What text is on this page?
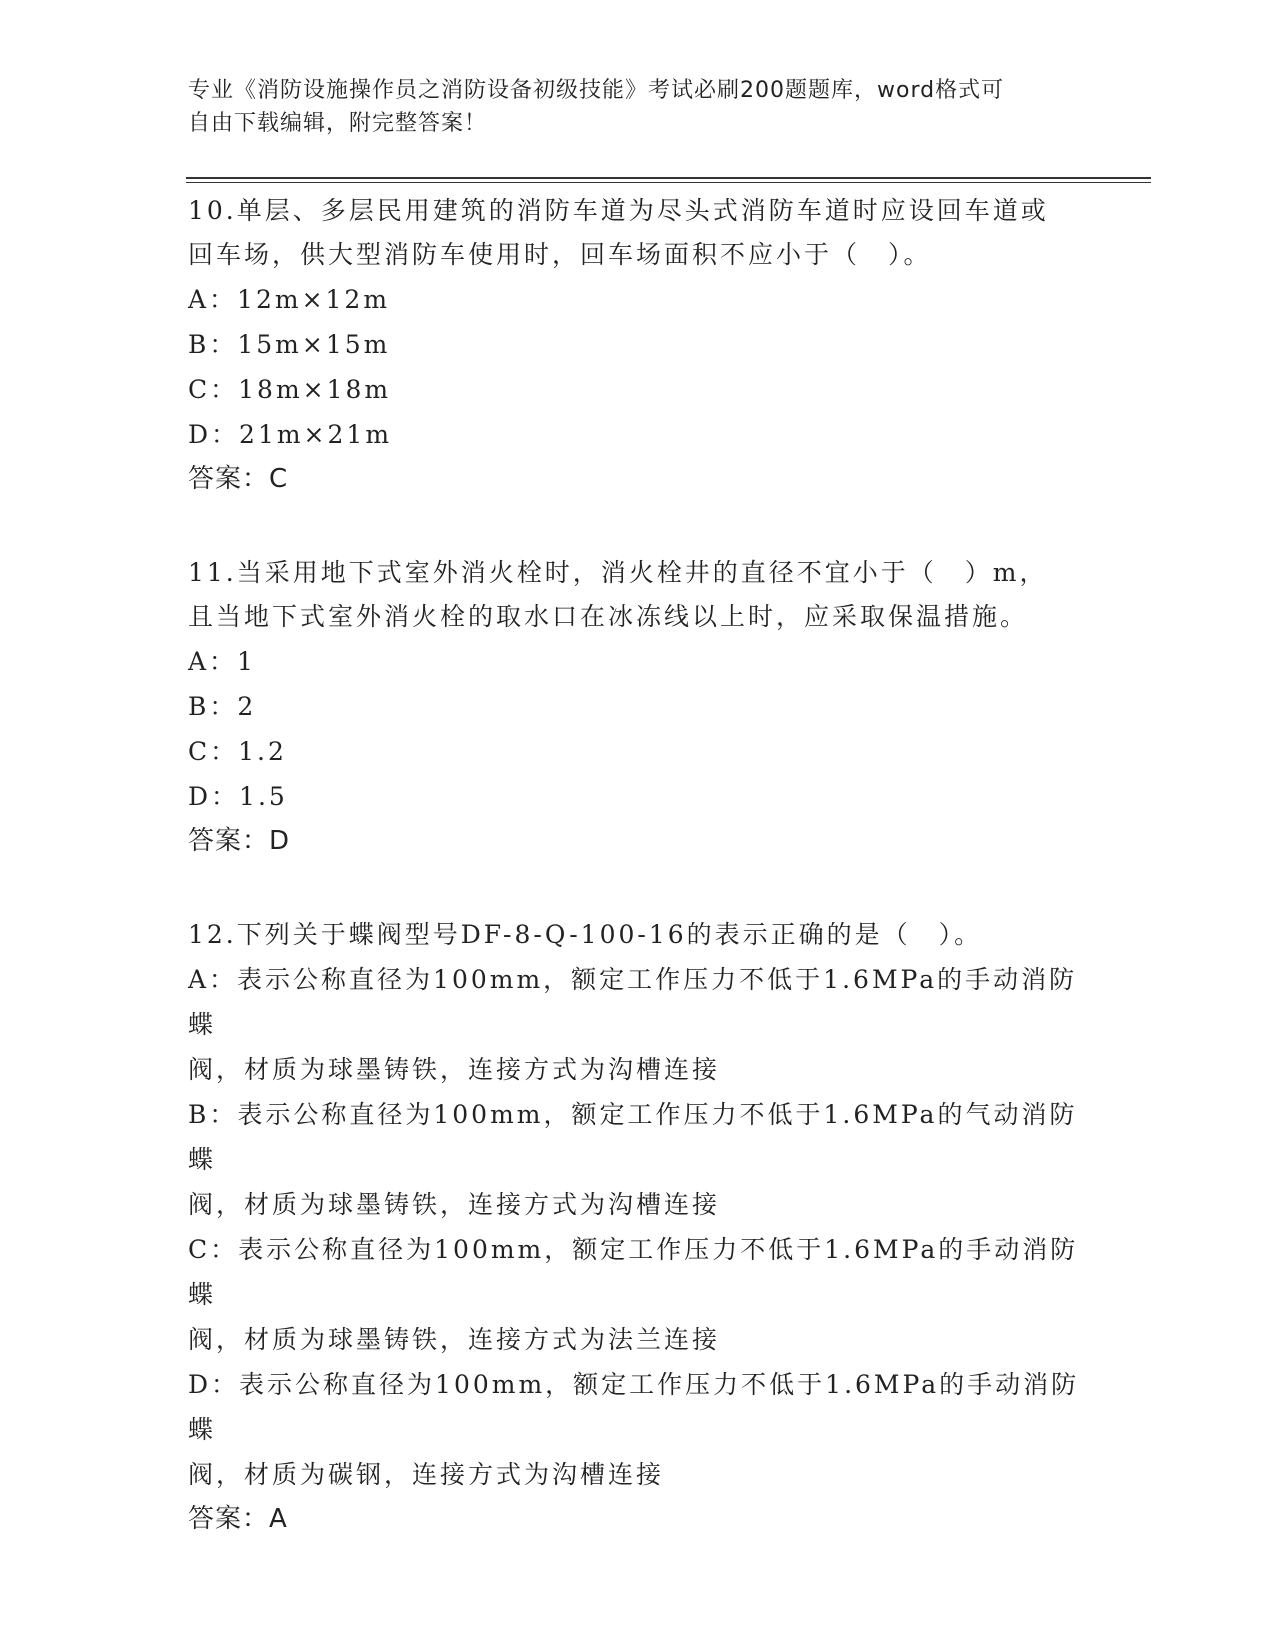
专业《消防设施操作员之消防设备初级技能》考试必刷200题题库，word格式可
自由下载编辑，附完整答案！

10.单层、多层民用建筑的消防车道为尽头式消防车道时应设回车道或

回车场，供大型消防车使用时，回车场面积不应小于（　）。

A：12m×12m

B：15m×15m

C：18m×18m

D：21m×21m

答案：C

11.当采用地下式室外消火栓时，消火栓井的直径不宜小于（　）m，

且当地下式室外消火栓的取水口在冰冻线以上时，应采取保温措施。

A：1

B：2

C：1.2

D：1.5

答案：D

12.下列关于蝶阀型号DF-8-Q-100-16的表示正确的是（　）。

A：表示公称直径为100mm，额定工作压力不低于1.6MPa的手动消防蝶

阀，材质为球墨铸铁，连接方式为沟槽连接

B：表示公称直径为100mm，额定工作压力不低于1.6MPa的气动消防蝶

阀，材质为球墨铸铁，连接方式为沟槽连接

C：表示公称直径为100mm，额定工作压力不低于1.6MPa的手动消防蝶

阀，材质为球墨铸铁，连接方式为法兰连接

D：表示公称直径为100mm，额定工作压力不低于1.6MPa的手动消防蝶

阀，材质为碳钢，连接方式为沟槽连接

答案：A
